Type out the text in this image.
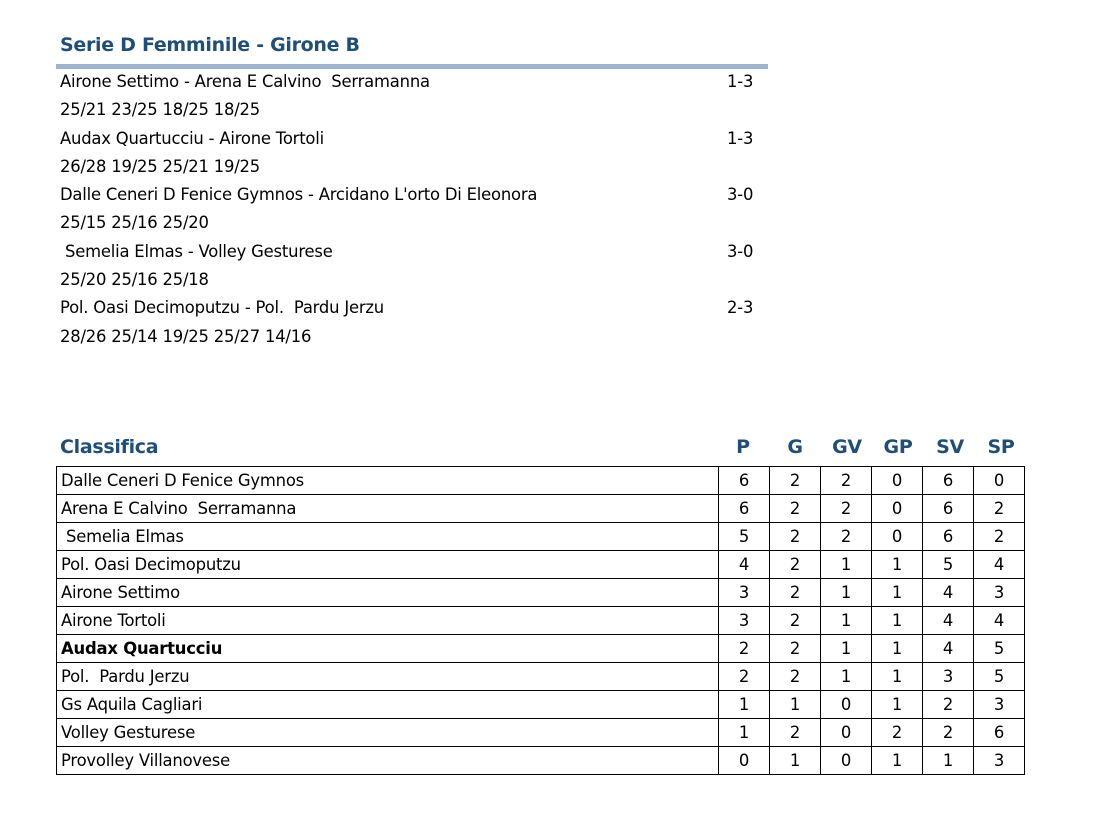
Serie D Femminile - Girone B
Airone Settimo - Arena E Calvino  Serramanna	1-3
25/21 23/25 18/25 18/25
Audax Quartucciu - Airone Tortoli	1-3
26/28 19/25 25/21 19/25
Dalle Ceneri D Fenice Gymnos - Arcidano L'orto Di Eleonora	3-0
25/15 25/16 25/20
Semelia Elmas - Volley Gesturese	3-0
25/20 25/16 25/18
Pol. Oasi Decimoputzu - Pol.  Pardu Jerzu	2-3
28/26 25/14 19/25 25/27 14/16
Classifica	P	G	GV	GP	SV	SP
Dalle Ceneri D Fenice Gymnos	6	2	2	0	6	0
Arena E Calvino  Serramanna	6	2	2	0	6	2
Semelia Elmas	5	2	2	0	6	2
Pol. Oasi Decimoputzu	4	2	1	1	5	4
Airone Settimo	3	2	1	1	4	3
Airone Tortoli	3	2	1	1	4	4
Audax Quartucciu	2	2	1	1	4	5
Pol.  Pardu Jerzu	2	2	1	1	3	5
Gs Aquila Cagliari	1	1	0	1	2	3
Volley Gesturese	1	2	0	2	2	6
Provolley Villanovese	0	1	0	1	1	3
